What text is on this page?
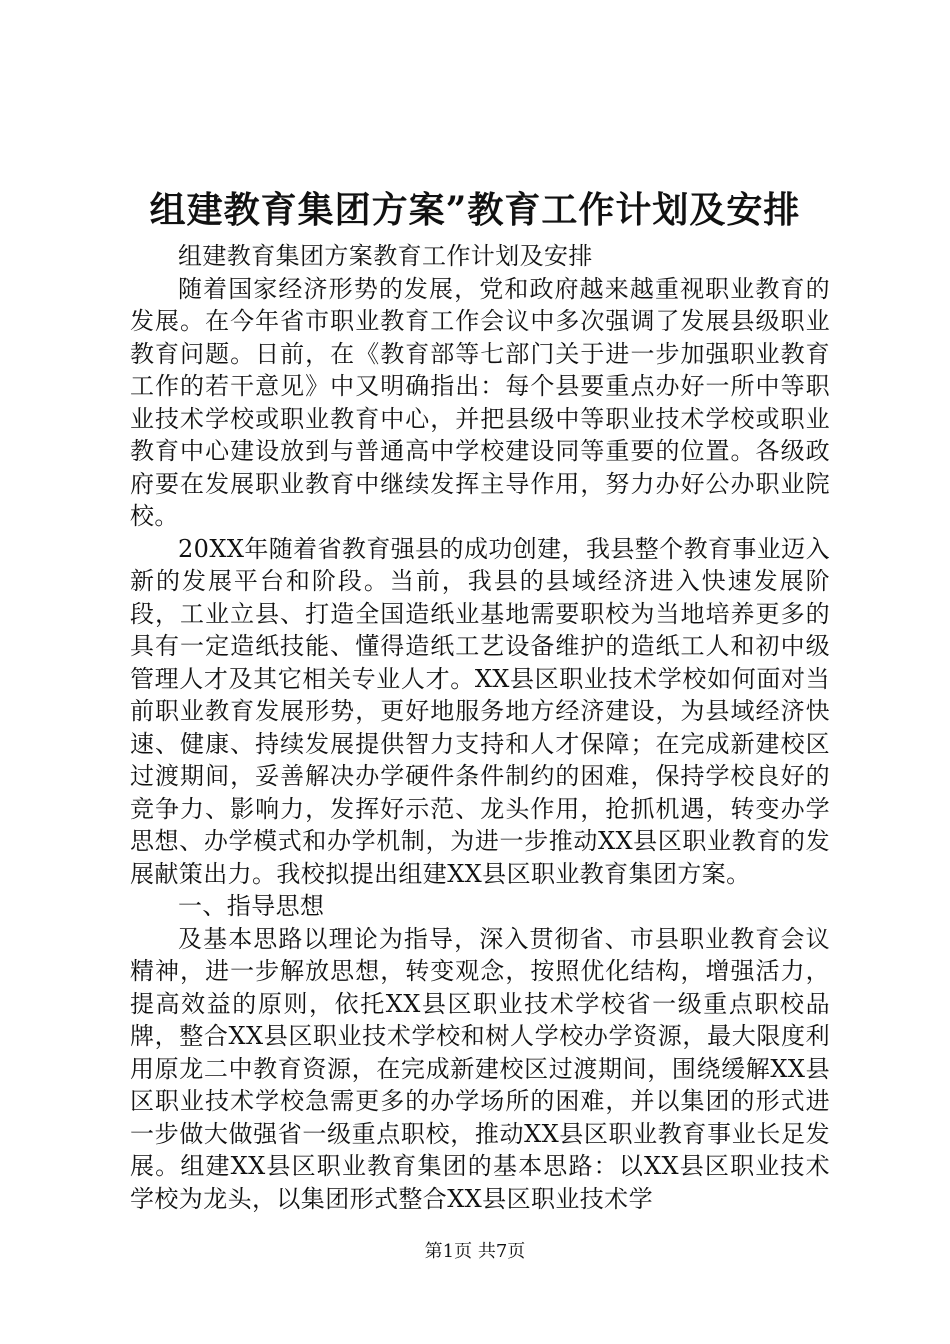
组建教育集团方案”教育工作计划及安排

组建教育集团方案教育工作计划及安排

随着国家经济形势的发展，党和政府越来越重视职业教育的发展。在今年省市职业教育工作会议中多次强调了发展县级职业教育问题。日前，在《教育部等七部门关于进一步加强职业教育工作的若干意见》中又明确指出：每个县要重点办好一所中等职业技术学校或职业教育中心，并把县级中等职业技术学校或职业教育中心建设放到与普通高中学校建设同等重要的位置。各级政府要在发展职业教育中继续发挥主导作用，努力办好公办职业院校。

20XX年随着省教育强县的成功创建，我县整个教育事业迈入新的发展平台和阶段。当前，我县的县域经济进入快速发展阶段，工业立县、打造全国造纸业基地需要职校为当地培养更多的具有一定造纸技能、懂得造纸工艺设备维护的造纸工人和初中级管理人才及其它相关专业人才。XX县区职业技术学校如何面对当前职业教育发展形势，更好地服务地方经济建设，为县域经济快速、健康、持续发展提供智力支持和人才保障；在完成新建校区过渡期间，妥善解决办学硬件条件制约的困难，保持学校良好的竞争力、影响力，发挥好示范、龙头作用，抢抓机遇，转变办学思想、办学模式和办学机制，为进一步推动XX县区职业教育的发展献策出力。我校拟提出组建XX县区职业教育集团方案。

一、指导思想

及基本思路以理论为指导，深入贯彻省、市县职业教育会议精神，进一步解放思想，转变观念，按照优化结构，增强活力，提高效益的原则，依托XX县区职业技术学校省一级重点职校品牌，整合XX县区职业技术学校和树人学校办学资源，最大限度利用原龙二中教育资源，在完成新建校区过渡期间，围绕缓解XX县区职业技术学校急需更多的办学场所的困难，并以集团的形式进一步做大做强省一级重点职校，推动XX县区职业教育事业长足发展。组建XX县区职业教育集团的基本思路：以XX县区职业技术学校为龙头，以集团形式整合XX县区职业技术学

第1页 共7页
